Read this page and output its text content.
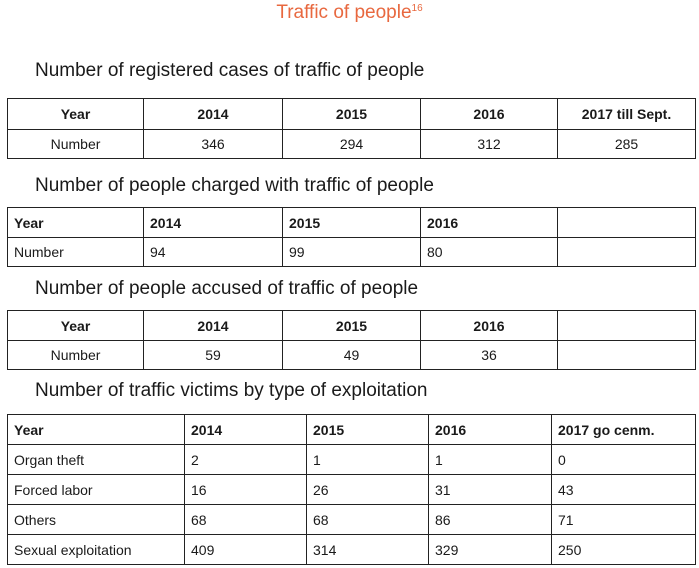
Traffic of people$^{16}$
Number of registered cases of traffic of people
Year	2014	2015	2016	2017 till Sept.
Number	346	294	312	285
Number of people charged with traffic of people
Year	2014	2015	2016	
Number	94	99	80	
Number of people accused of traffic of people
Year	2014	2015	2016	
Number	59	49	36	
Number of traffic victims by type of exploitation
Year	2014	2015	2016	2017 go cenm.
Organ theft	2	1	1	0
Forced labor	16	26	31	43
Others	68	68	86	71
Sexual exploitation	409	314	329	250
